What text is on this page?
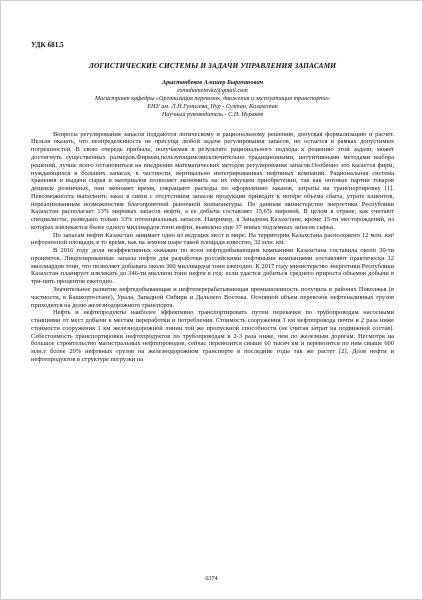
УДК 681.5
ЛОГИСТИЧЕСКИЕ СИСТЕМЫ И ЗАДАЧИ УПРАВЛЕНИЯ ЗАПАСАМИ
Арыстанбеков Алишер Быржанович
esmuhametovkz@gmail.com
Магистрант кафедры «Организация перевозок, движения и эксплуатация транспорта»
ЕНУ им. Л.Н.Гумилева, Нур - Султан, Казахстан
Научный руководитель - С.Н. Нураков

Вопросы регулирования запасов поддаются логическому и рациональному решению, допуская формализацию и расчет. Нельзя оказать, что неопределенность не присуща любой задаче регулирования запасов, но остается в рамках допустимых погрешностей. В свою очередь прибыль, получаемая в результате рационального подхода к решению этой задачи, может достигнуть существенных размеров.Фирмам,пользующимсяисключительно традиционными, интуитивными методами выбора решений, лучше всего остановиться на внедрении математических методов регулирования запасов.Особенно это касается фирм, нуждающихся в больших запасах, в частности, вертикально интегрированных нефтяных компаний. Рациональная система хранения и выдачи сырья и материалов позволяет экономить на их текущем приобретении, так как оптовые партии товаров дешевле розничных, они экономят время, сокращают расходы по оформлению заказов, затраты на транспортировку [1]. Невозможность выполнить заказ в связи с отсутствием запасов продукции приводит к потере объема сбыта, утрате клиентов, нереализованным возможностям благоприятной рыночной конъюнктуры. По данным министерство энергетики Республики Казахстан располагает 13% мировых запасов нефти, а ее добыча составляет 15,6% мировой. В целом в стране, как считают специалисты, разведано только 33% потенциальных запасов. Например, в Западном Казахстане, кроме 15-ти месторождений, из которых извлекается более одного миллиардов.тонн нефти, выявлено еще 37 новых подземных запасов сырья.

По запасам нефти Казахстан занимает одно из ведущих мест в мире. На территории Казахстана расположено 12 млн. км² нефтеносной площади, в то время, как на земном шаре такой площади известно, 32 млн. км.

В 2016 году доля неэффективных скважин по всем нефтедобывающим компаниям Казахстана составила около 30-ти процентов. Лицензированные запасы нефти для разработки российскими нефтяными компаниями составляют практически 12 миллиардов тонн, что позволяет добывать около 300 миллиардов тонн ежегодно. К 2017 году министерство энергетики Республики Казахстан планирует извлекать до 346-ти миллион.тонн нефти в год: если удастся добиться среднего прироста объемов добычи в три-пять процентов ежегодно.

Значительное развитие нефтедобывающая и нефтеперерабатывающая промышленность получила в районах Поволжья (в частности, в Башкортостане), Урала, Западной Сибири и Дальнего Востока. Основной объем перевозок нефтеналивных грузов приходится на долю железнодорожного транспорта.

Нефть и нефтепродукты наиболее эффективно транспортировать путем перекачки по трубопроводам насосными станциями от мест добычи к местам переработки и потребления. Стоимость сооружения 1 км нефтепровода почти в 2 раза ниже стоимости сооружения 1 км железнодорожной линии той же пропускной способности (не считая затрат на подвижной состав). Себестоимость транспортировки нефтепродуктов по трубопроводам в 2-3 раза ниже, чем по железным дорогам. Несмотря на большое строительство магистральных нефтепроводов, сейчас перевозится свыше 60 тысяч км и перевозится по ним свыше 600 млн.т более 20% нефтяных грузов на железнодорожном транспорте в последние годы так же растет [2]. Доля нефти и нефтепродуктов в структуре погрузки на

6374
